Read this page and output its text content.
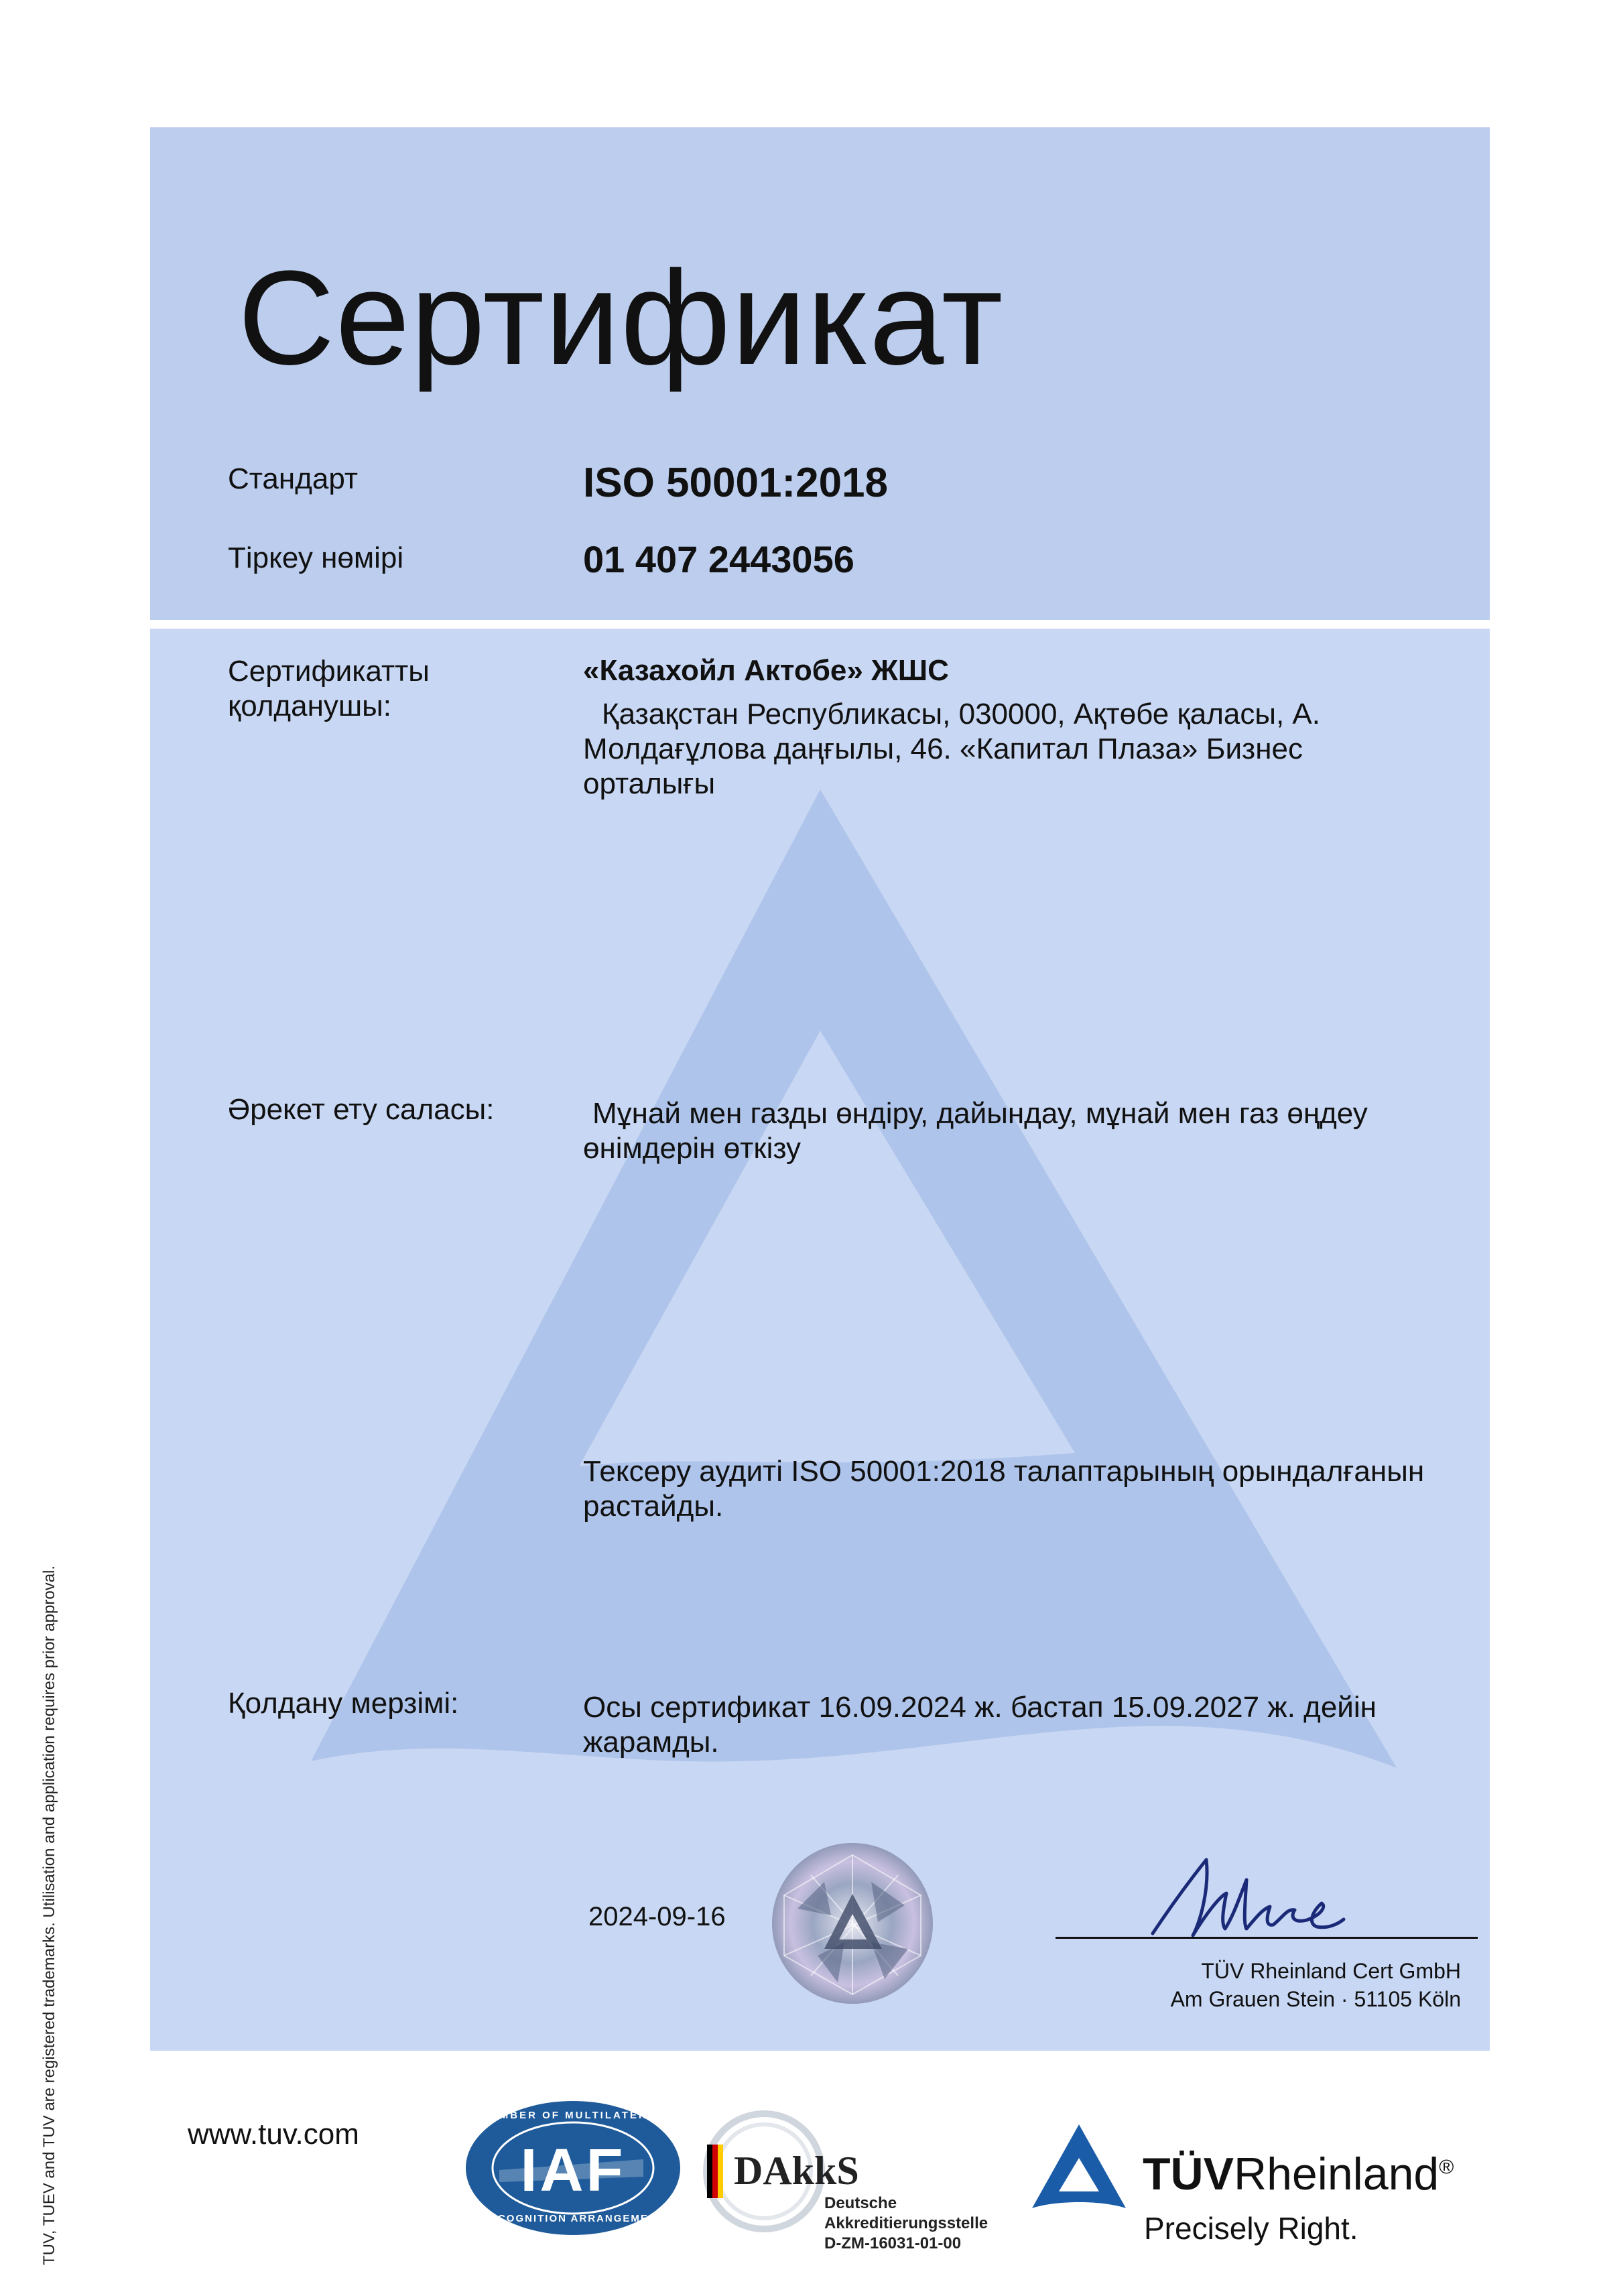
Сертификат
Стандарт	ISO 50001:2018
Тіркеу нөмірі	01 407 2443056
Сертификатты
қолданушы:
«Казахойл Актобе» ЖШС
Қазақстан Республикасы, 030000, Ақтөбе қаласы, А.
Молдағұлова даңғылы, 46. «Капитал Плаза» Бизнес
орталығы
Әрекет ету саласы:	Мұнай мен газды өндіру, дайындау, мұнай мен газ өңдеу
өнімдерін өткізу
Тексеру аудиті ISO 50001:2018 талаптарының орындалғанын
растайды.
Қолдану мерзімі:	Осы сертификат 16.09.2024 ж. бастап 15.09.2027 ж. дейін
жарамды.
2024-09-16
TÜV Rheinland Cert GmbH
Am Grauen Stein · 51105 Köln
www.tuv.com
MEMBER OF MULTILATERAL
IAF
RECOGNITION ARRANGEMENT
DAkkS
Deutsche
Akkreditierungsstelle
D-ZM-16031-01-00
TÜVRheinland®
Precisely Right.
TUV, TUEV and TUV are registered trademarks. Utilisation and application requires prior approval.
